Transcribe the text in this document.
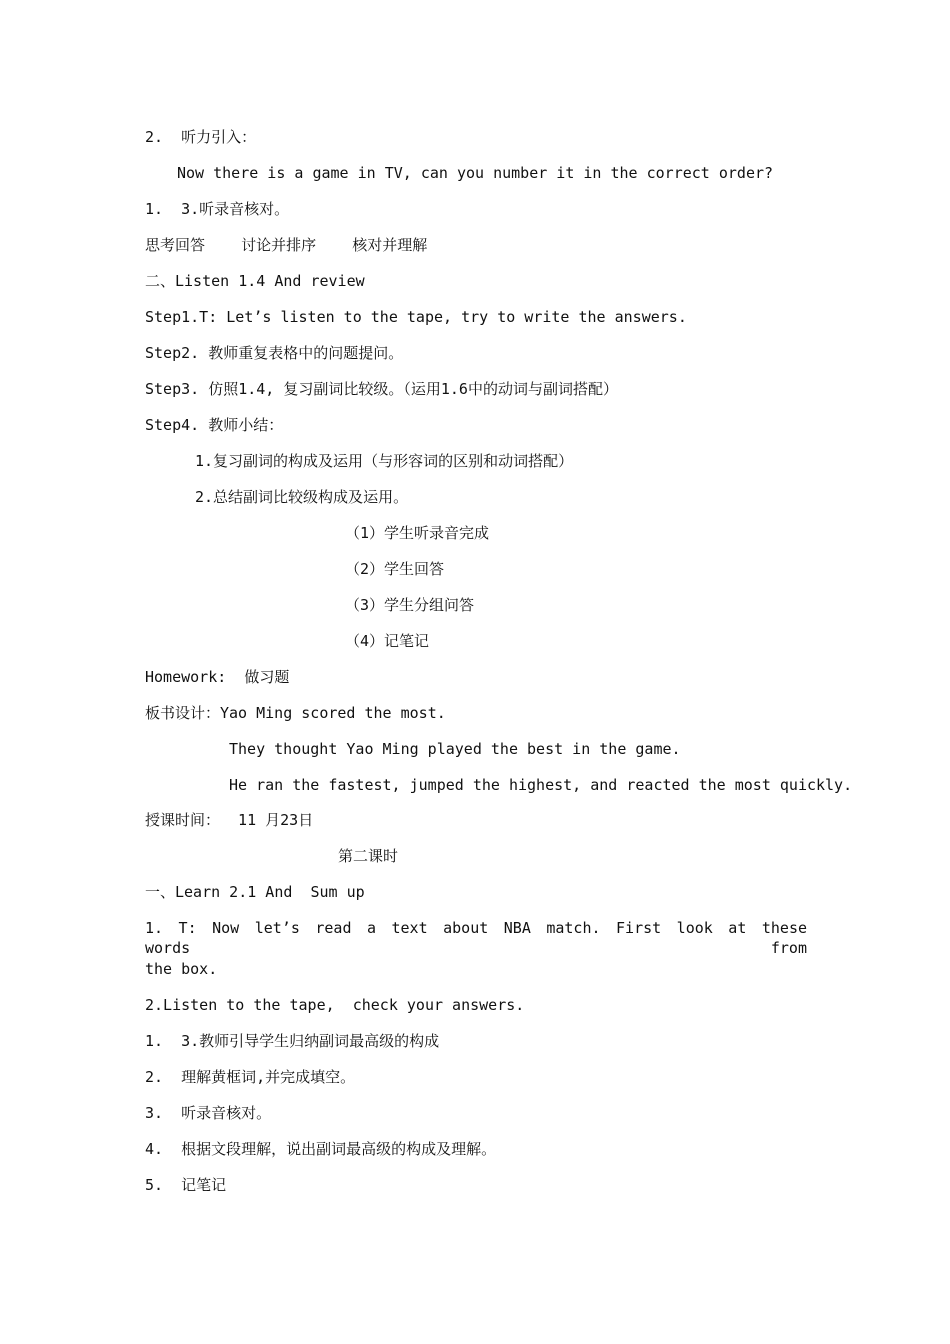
2.  听力引入：
Now there is a game in TV, can you number it in the correct order?
1.  3.听录音核对。
思考回答    讨论并排序    核对并理解
二、Listen 1.4 And review
Step1.T: Let’s listen to the tape, try to write the answers.
Step2. 教师重复表格中的问题提问。
Step3. 仿照1.4, 复习副词比较级。（运用1.6中的动词与副词搭配）
Step4. 教师小结：
1.复习副词的构成及运用（与形容词的区别和动词搭配）
2.总结副词比较级构成及运用。
（1）学生听录音完成
（2）学生回答
（3）学生分组问答
（4）记笔记
Homework:  做习题
板书设计：Yao Ming scored the most.
They thought Yao Ming played the best in the game.
He ran the fastest, jumped the highest, and reacted the most quickly.
授课时间：  11 月23日
第二课时
一、Learn 2.1 And  Sum up
1. T: Now let’s read a text about NBA match. First look at these words from
the box.
2.Listen to the tape,  check your answers.
1.  3.教师引导学生归纳副词最高级的构成
2.  理解黄框词,并完成填空。
3.  听录音核对。
4.  根据文段理解，说出副词最高级的构成及理解。
5.  记笔记
